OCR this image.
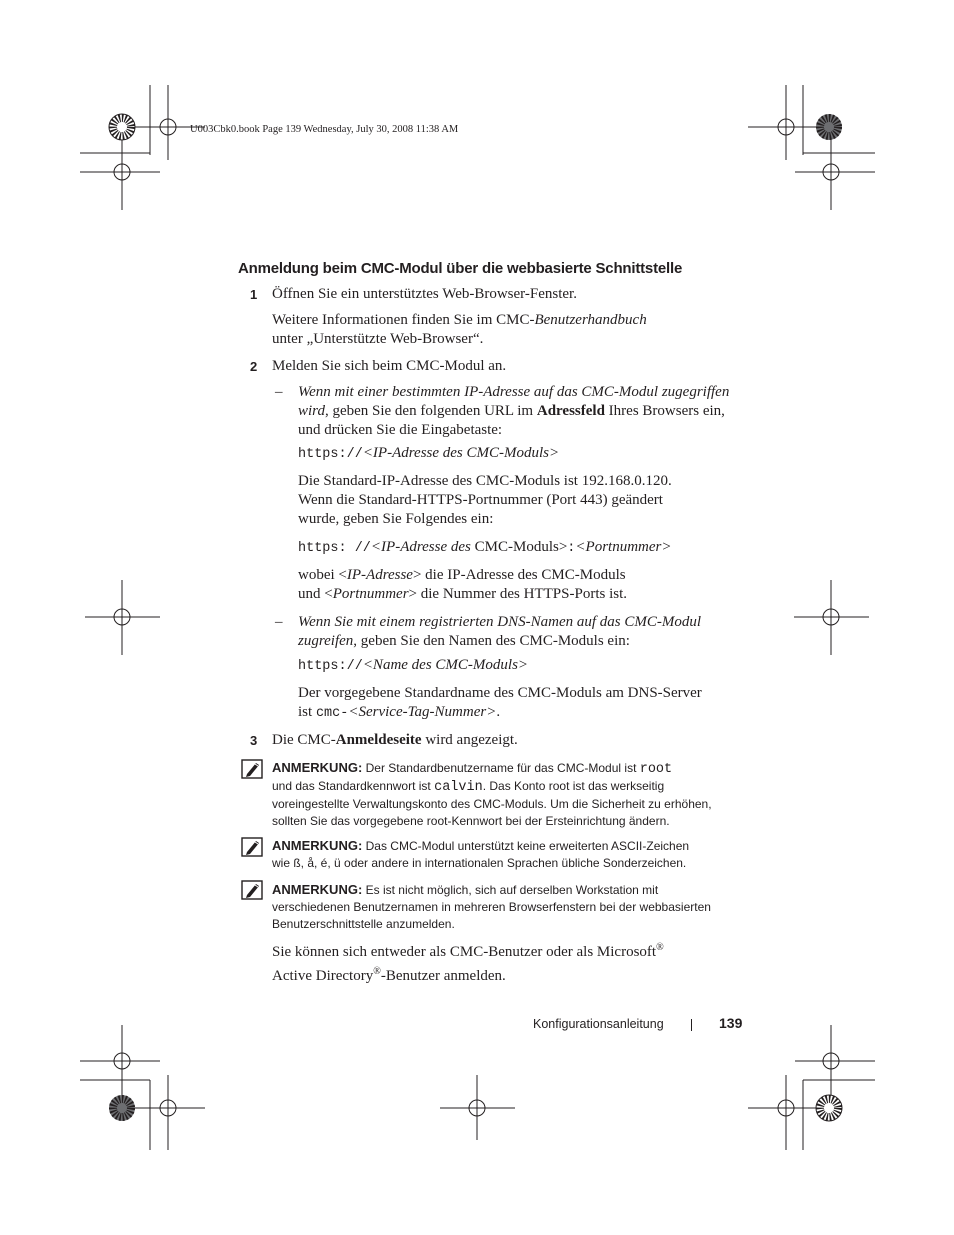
U003Cbk0.book Page 139 Wednesday, July 30, 2008 11:38 AM
Anmeldung beim CMC-Modul über die webbasierte Schnittstelle
1 Öffnen Sie ein unterstütztes Web-Browser-Fenster.
Weitere Informationen finden Sie im CMC-Benutzerhandbuch
unter „Unterstützte Web-Browser“.
2 Melden Sie sich beim CMC-Modul an.
– Wenn mit einer bestimmten IP-Adresse auf das CMC-Modul zugegriffen
wird, geben Sie den folgenden URL im Adressfeld Ihres Browsers ein,
und drücken Sie die Eingabetaste:
https://<IP-Adresse des CMC-Moduls>
Die Standard-IP-Adresse des CMC-Moduls ist 192.168.0.120.
Wenn die Standard-HTTPS-Portnummer (Port 443) geändert
wurde, geben Sie Folgendes ein:
https: //<IP-Adresse des CMC-Moduls>:<Portnummer>
wobei <IP-Adresse> die IP-Adresse des CMC-Moduls
und <Portnummer> die Nummer des HTTPS-Ports ist.
– Wenn Sie mit einem registrierten DNS-Namen auf das CMC-Modul
zugreifen, geben Sie den Namen des CMC-Moduls ein:
https://<Name des CMC-Moduls>
Der vorgegebene Standardname des CMC-Moduls am DNS-Server
ist cmc-<Service-Tag-Nummer>.
3 Die CMC-Anmeldeseite wird angezeigt.
ANMERKUNG: Der Standardbenutzername für das CMC-Modul ist root
und das Standardkennwort ist calvin. Das Konto root ist das werkseitig
voreingestellte Verwaltungskonto des CMC-Moduls. Um die Sicherheit zu erhöhen,
sollten Sie das vorgegebene root-Kennwort bei der Ersteinrichtung ändern.
ANMERKUNG: Das CMC-Modul unterstützt keine erweiterten ASCII-Zeichen
wie ß, å, é, ü oder andere in internationalen Sprachen übliche Sonderzeichen.
ANMERKUNG: Es ist nicht möglich, sich auf derselben Workstation mit
verschiedenen Benutzernamen in mehreren Browserfenstern bei der webbasierten
Benutzerschnittstelle anzumelden.
Sie können sich entweder als CMC-Benutzer oder als Microsoft®
Active Directory®-Benutzer anmelden.
Konfigurationsanleitung	139
